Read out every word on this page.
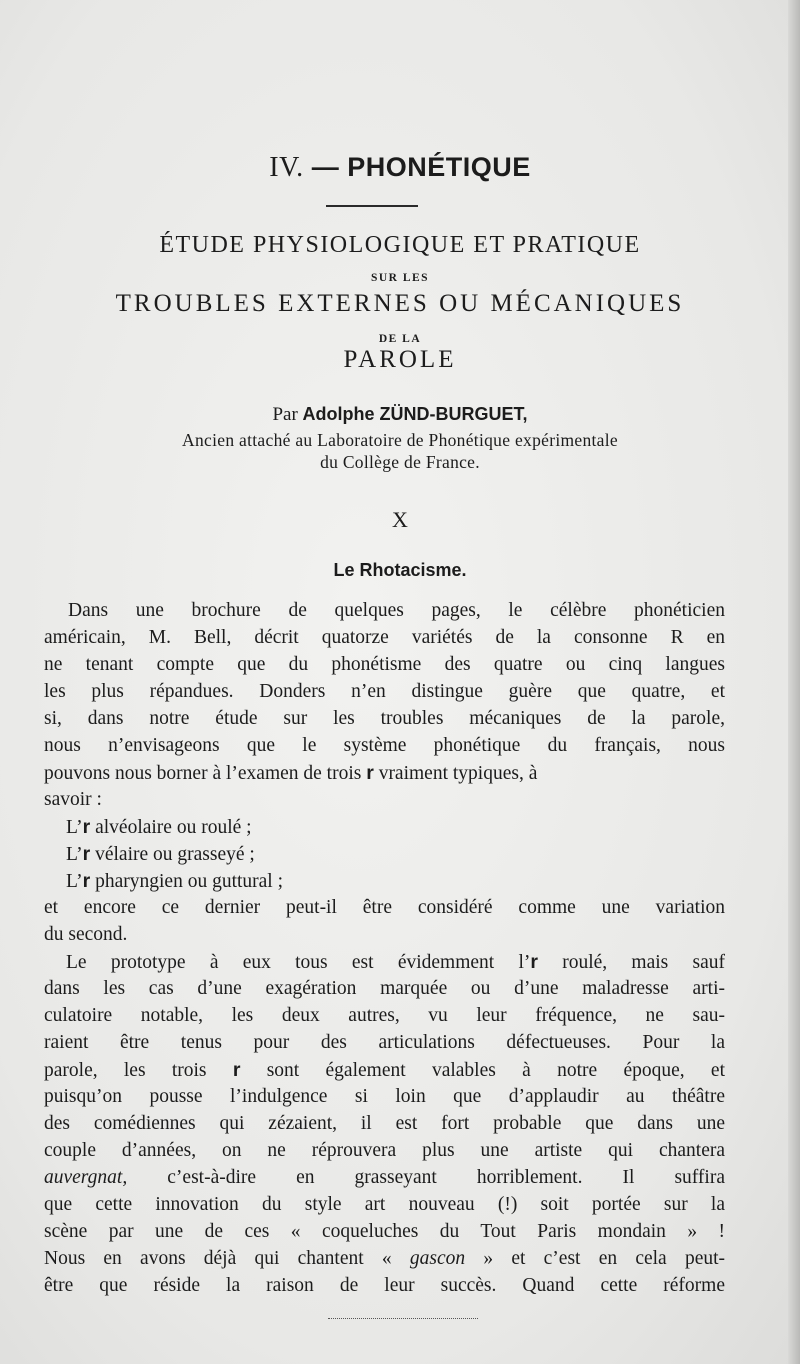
IV. — PHONÉTIQUE
ÉTUDE PHYSIOLOGIQUE ET PRATIQUE
SUR LES
TROUBLES EXTERNES OU MÉCANIQUES
DE LA
PAROLE
Par Adolphe ZÜND-BURGUET,
Ancien attaché au Laboratoire de Phonétique expérimentale
du Collège de France.
X
Le Rhotacisme.
Dans une brochure de quelques pages, le célèbre phonéticien
américain, M. Bell, décrit quatorze variétés de la consonne R en
ne tenant compte que du phonétisme des quatre ou cinq langues
les plus répandues. Donders n’en distingue guère que quatre, et
si, dans notre étude sur les troubles mécaniques de la parole,
nous n’envisageons que le système phonétique du français, nous
pouvons nous borner à l’examen de trois r vraiment typiques, à
savoir :
L’r alvéolaire ou roulé ;
L’r vélaire ou grasseyé ;
L’r pharyngien ou guttural ;
et encore ce dernier peut-il être considéré comme une variation
du second.
Le prototype à eux tous est évidemment l’r roulé, mais sauf
dans les cas d’une exagération marquée ou d’une maladresse arti-
culatoire notable, les deux autres, vu leur fréquence, ne sau-
raient être tenus pour des articulations défectueuses. Pour la
parole, les trois r sont également valables à notre époque, et
puisqu’on pousse l’indulgence si loin que d’applaudir au théâtre
des comédiennes qui zézaient, il est fort probable que dans une
couple d’années, on ne réprouvera plus une artiste qui chantera
auvergnat, c’est-à-dire en grasseyant horriblement. Il suffira
que cette innovation du style art nouveau (!) soit portée sur la
scène par une de ces « coqueluches du Tout Paris mondain » !
Nous en avons déjà qui chantent « gascon » et c’est en cela peut-
être que réside la raison de leur succès. Quand cette réforme
